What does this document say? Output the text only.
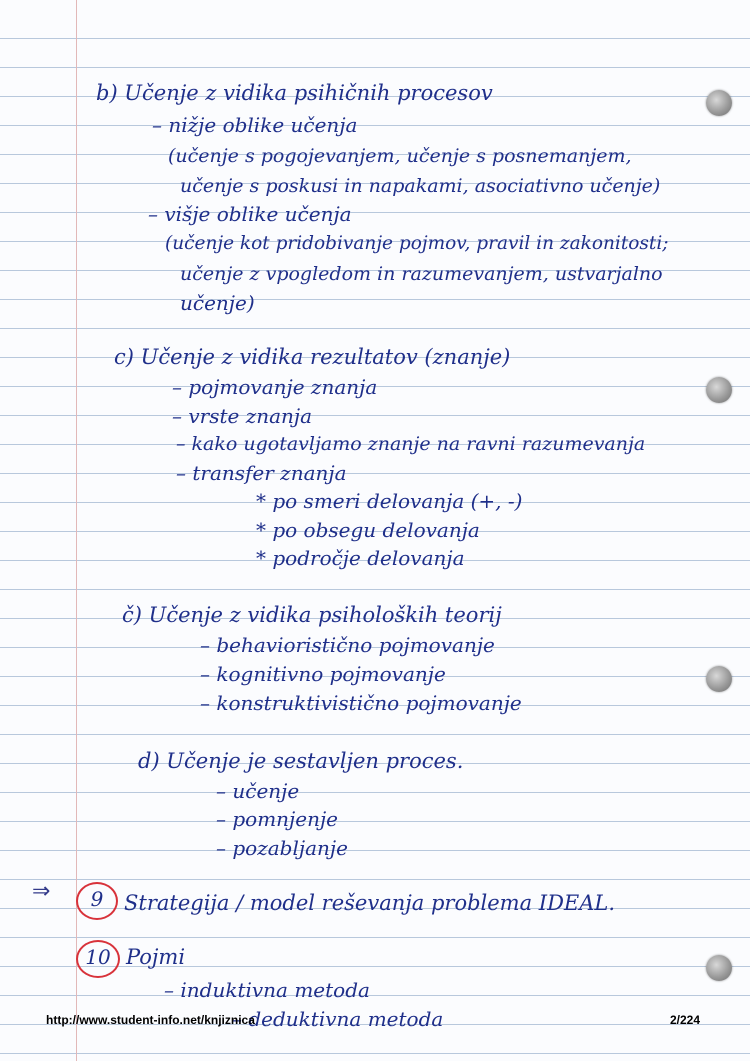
b) Učenje z vidika psihičnih procesov
– nižje oblike učenja
(učenje s pogojevanjem, učenje s posnemanjem,
učenje s poskusi in napakami, asociativno učenje)
– višje oblike učenja
(učenje kot pridobivanje pojmov, pravil in zakonitosti;
učenje z vpogledom in razumevanjem, ustvarjalno
učenje)
c) Učenje z vidika rezultatov (znanje)
– pojmovanje znanja
– vrste znanja
– kako ugotavljamo znanje na ravni razumevanja
– transfer znanja
* po smeri delovanja (+, -)
* po obsegu delovanja
* področje delovanja
č) Učenje z vidika psiholoških teorij
– behavioristično pojmovanje
– kognitivno pojmovanje
– konstruktivistično pojmovanje
d) Učenje je sestavljen proces.
– učenje
– pomnjenje
– pozabljanje
⇒	9 Strategija / model reševanja problema IDEAL.
10 Pojmi
– induktivna metoda
– deduktivna metoda
http://www.student-info.net/knjiznica	2/224
